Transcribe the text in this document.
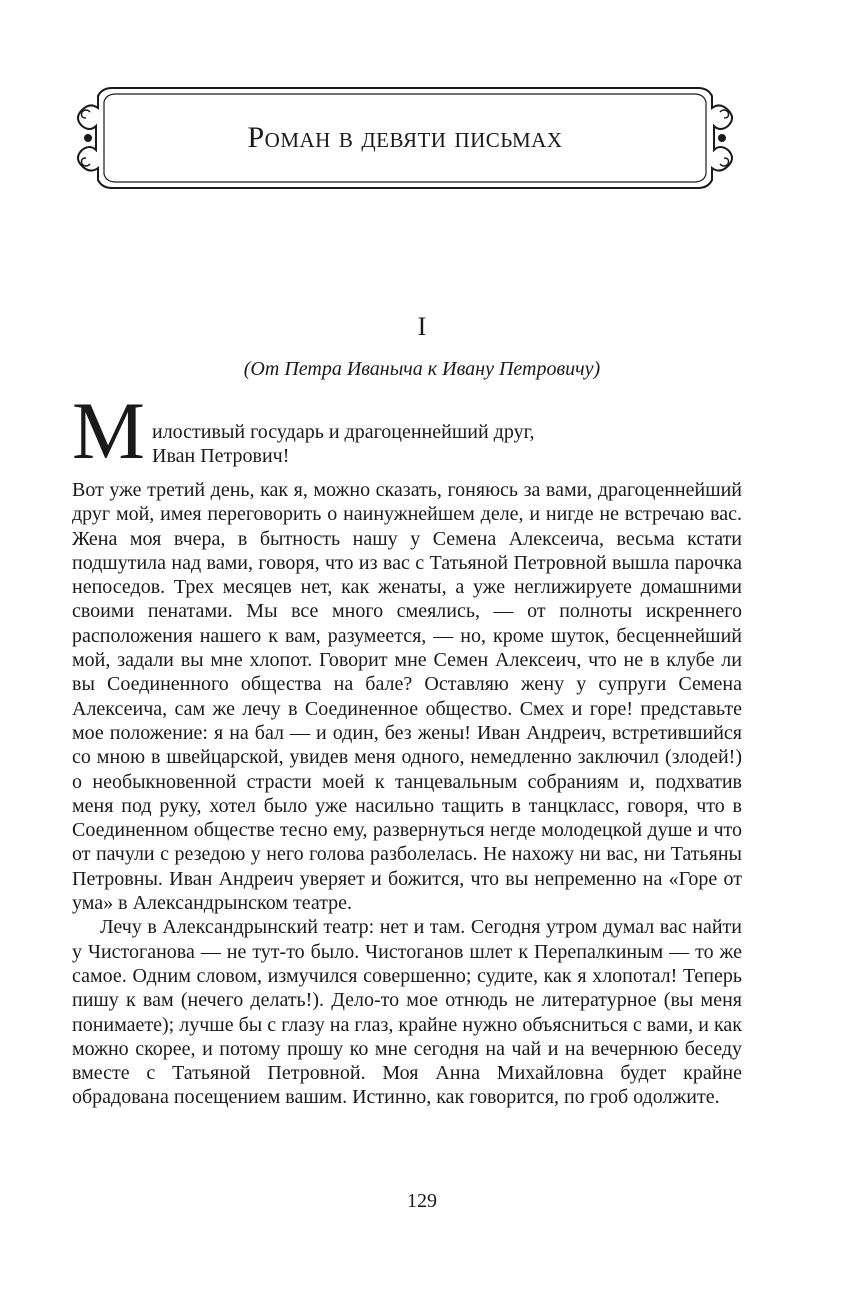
Роман в девяти письмах
I

(От Петра Иваныча к Ивану Петровичу)

М илостивый государь и драгоценнейший друг,
Иван Петрович!

Вот уже третий день, как я, можно сказать, гоняюсь за вами, драгоценнейший друг мой, имея переговорить о наинужнейшем деле, и нигде не встречаю вас. Жена моя вчера, в бытность нашу у Семена Алексеича, весьма кстати подшутила над вами, говоря, что из вас с Татьяной Петровной вышла парочка непоседов. Трех месяцев нет, как женаты, а уже неглижируете домашними своими пенатами. Мы все много смеялись, — от полноты искреннего расположения нашего к вам, разумеется, — но, кроме шуток, бесценнейший мой, задали вы мне хлопот. Говорит мне Семен Алексеич, что не в клубе ли вы Соединенного общества на бале? Оставляю жену у супруги Семена Алексеича, сам же лечу в Соединенное общество. Смех и горе! представьте мое положение: я на бал — и один, без жены! Иван Андреич, встретившийся со мною в швейцарской, увидев меня одного, немедленно заключил (злодей!) о необыкновенной страсти моей к танцевальным собраниям и, подхватив меня под руку, хотел было уже насильно тащить в танцкласс, говоря, что в Соединенном обществе тесно ему, развернуться негде молодецкой душе и что от пачули с резедою у него голова разболелась. Не нахожу ни вас, ни Татьяны Петровны. Иван Андреич уверяет и божится, что вы непременно на «Горе от ума» в Александрынском театре.

Лечу в Александрынский театр: нет и там. Сегодня утром думал вас найти у Чистоганова — не тут-то было. Чистоганов шлет к Перепалкиным — то же самое. Одним словом, измучился совершенно; судите, как я хлопотал! Теперь пишу к вам (нечего делать!). Дело-то мое отнюдь не литературное (вы меня понимаете); лучше бы с глазу на глаз, крайне нужно объясниться с вами, и как можно скорее, и потому прошу ко мне сегодня на чай и на вечернюю беседу вместе с Татьяной Петровной. Моя Анна Михайловна будет крайне обрадована посещением вашим. Истинно, как говорится, по гроб одолжите.

129
